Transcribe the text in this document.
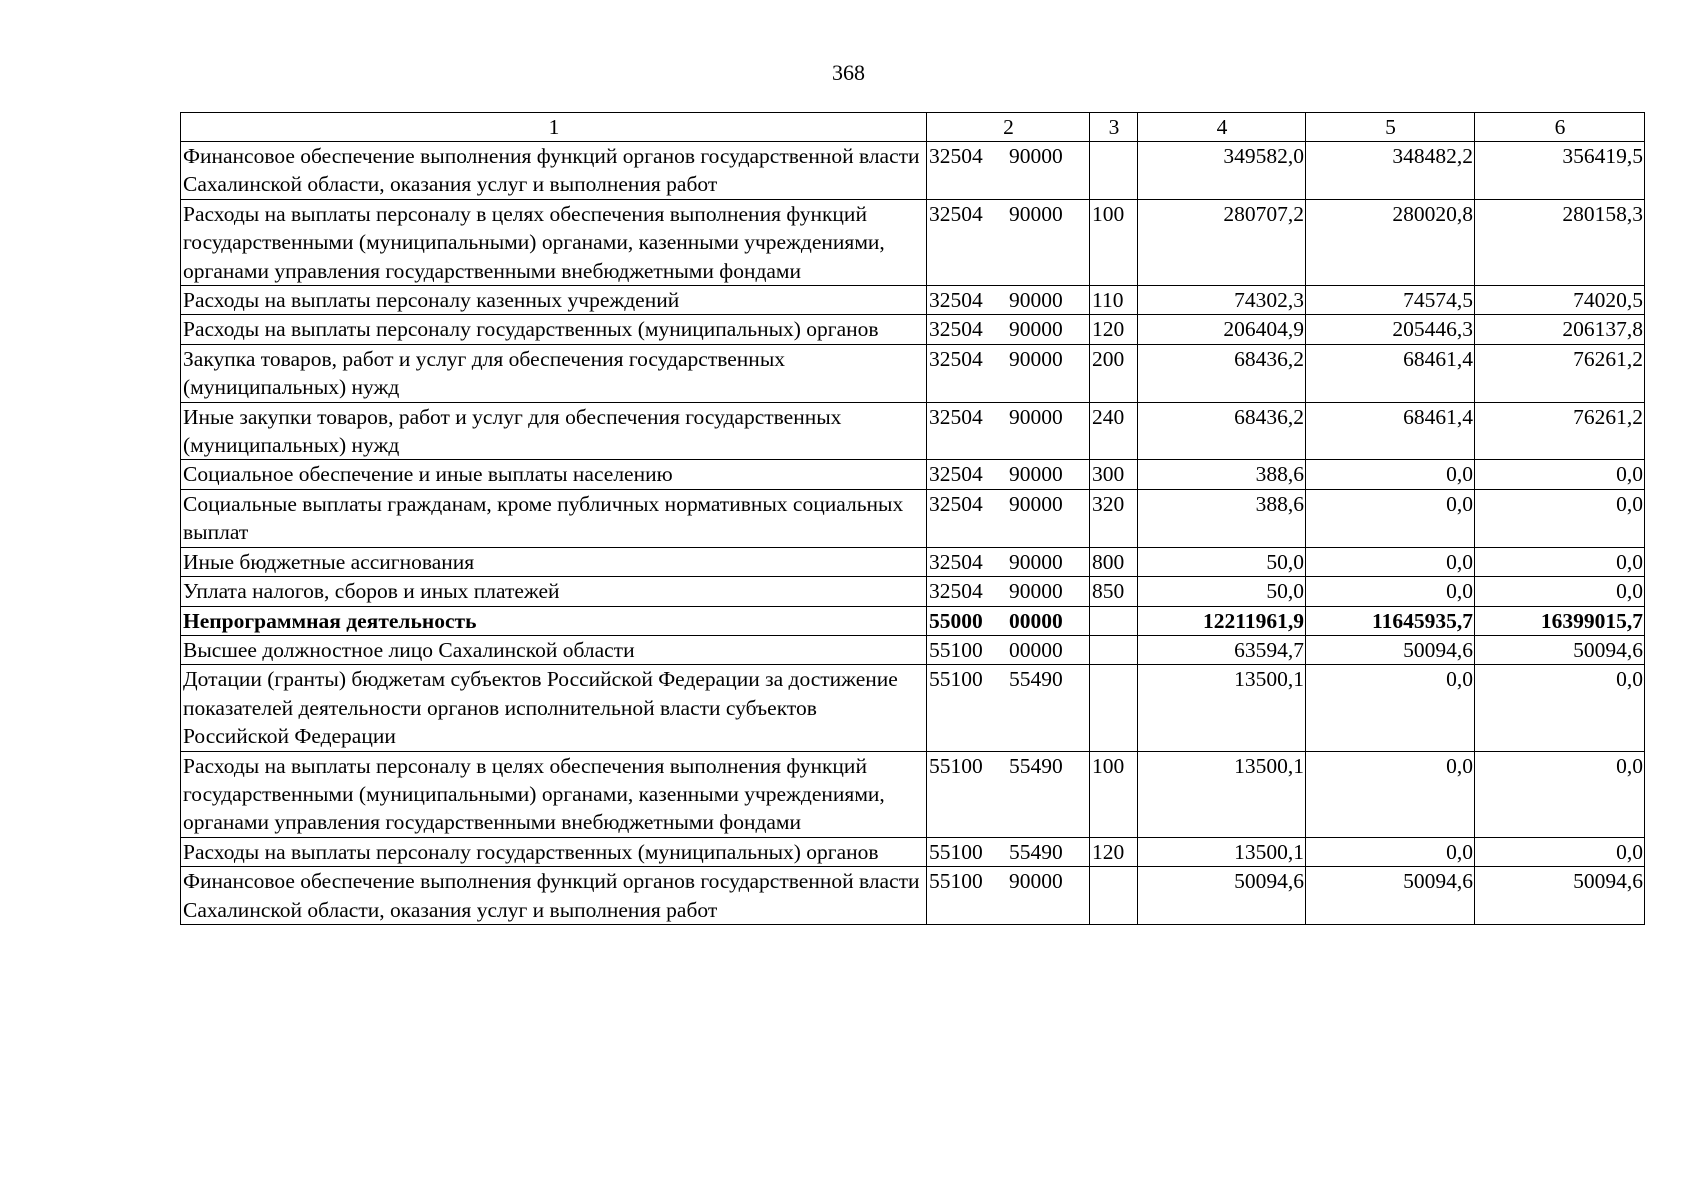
368
1	2	3	4	5	6
Финансовое обеспечение выполнения функций органов государственной власти Сахалинской области, оказания услуг и выполнения работ	32504 90000		349582,0	348482,2	356419,5
Расходы на выплаты персоналу в целях обеспечения выполнения функций государственными (муниципальными) органами, казенными учреждениями, органами управления государственными внебюджетными фондами	32504 90000	100	280707,2	280020,8	280158,3
Расходы на выплаты персоналу казенных учреждений	32504 90000	110	74302,3	74574,5	74020,5
Расходы на выплаты персоналу государственных (муниципальных) органов	32504 90000	120	206404,9	205446,3	206137,8
Закупка товаров, работ и услуг для обеспечения государственных (муниципальных) нужд	32504 90000	200	68436,2	68461,4	76261,2
Иные закупки товаров, работ и услуг для обеспечения государственных (муниципальных) нужд	32504 90000	240	68436,2	68461,4	76261,2
Социальное обеспечение и иные выплаты населению	32504 90000	300	388,6	0,0	0,0
Социальные выплаты гражданам, кроме публичных нормативных социальных выплат	32504 90000	320	388,6	0,0	0,0
Иные бюджетные ассигнования	32504 90000	800	50,0	0,0	0,0
Уплата налогов, сборов и иных платежей	32504 90000	850	50,0	0,0	0,0
Непрограммная деятельность	55000 00000		12211961,9	11645935,7	16399015,7
Высшее должностное лицо Сахалинской области	55100 00000		63594,7	50094,6	50094,6
Дотации (гранты) бюджетам субъектов Российской Федерации за достижение показателей деятельности органов исполнительной власти субъектов Российской Федерации	55100 55490		13500,1	0,0	0,0
Расходы на выплаты персоналу в целях обеспечения выполнения функций государственными (муниципальными) органами, казенными учреждениями, органами управления государственными внебюджетными фондами	55100 55490	100	13500,1	0,0	0,0
Расходы на выплаты персоналу государственных (муниципальных) органов	55100 55490	120	13500,1	0,0	0,0
Финансовое обеспечение выполнения функций органов государственной власти Сахалинской области, оказания услуг и выполнения работ	55100 90000		50094,6	50094,6	50094,6
